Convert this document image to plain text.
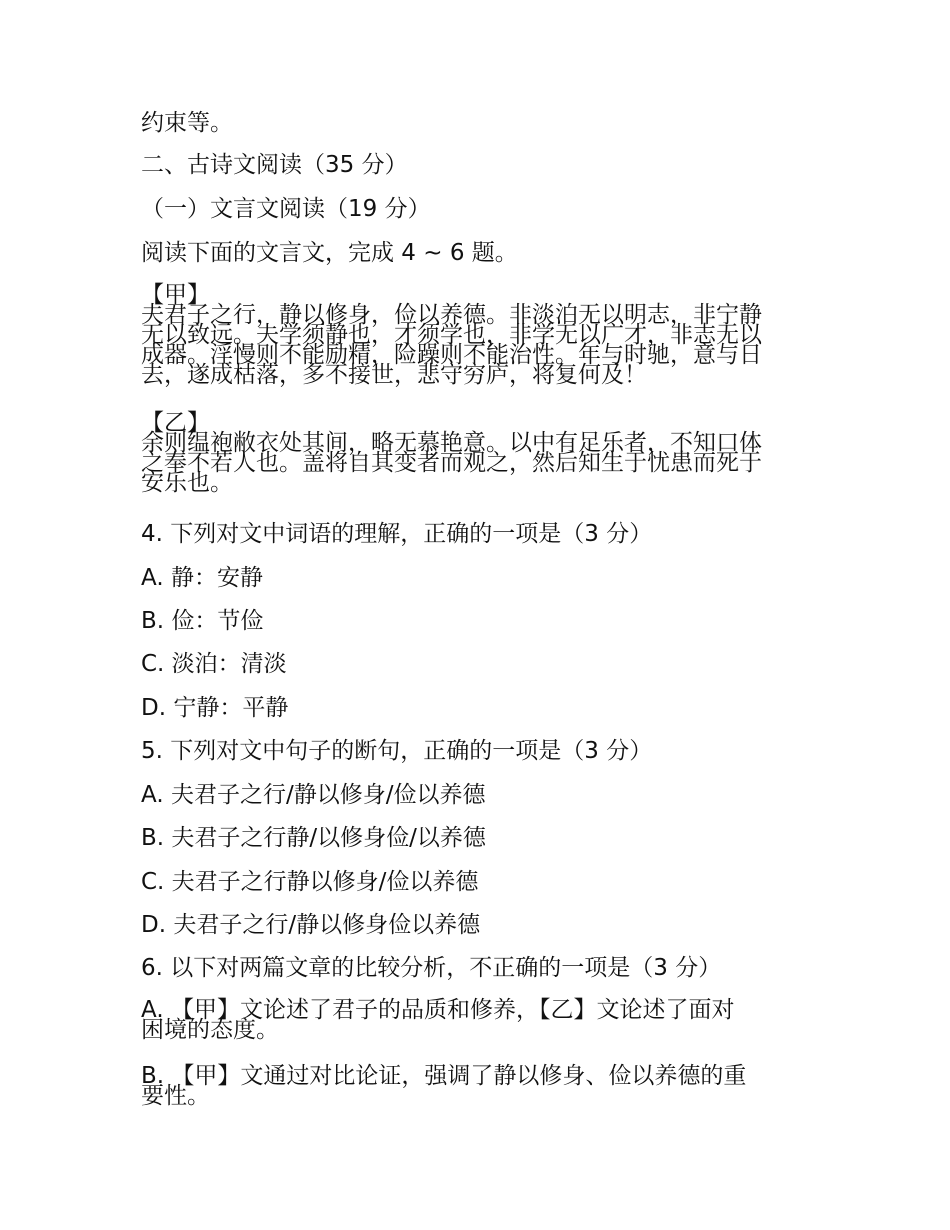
约束等。
二、古诗文阅读（35 分）
（一）文言文阅读（19 分）
阅读下面的文言文，完成 4 ~ 6 题。
【甲】
夫君子之行，静以修身，俭以养德。非淡泊无以明志，非宁静
无以致远。夫学须静也，才须学也，非学无以广才，非志无以
成器。淫慢则不能励精，险躁则不能治性。年与时驰，意与日
去，遂成枯落，多不接世，悲守穷庐，将复何及！
【乙】
余则缊袍敝衣处其间，略无慕艳意。以中有足乐者，不知口体
之奉不若人也。盖将自其变者而观之，然后知生于忧患而死于
安乐也。
4. 下列对文中词语的理解，正确的一项是（3 分）
A. 静：安静
B. 俭：节俭
C. 淡泊：清淡
D. 宁静：平静
5. 下列对文中句子的断句，正确的一项是（3 分）
A. 夫君子之行/静以修身/俭以养德
B. 夫君子之行静/以修身俭/以养德
C. 夫君子之行静以修身/俭以养德
D. 夫君子之行/静以修身俭以养德
6. 以下对两篇文章的比较分析，不正确的一项是（3 分）
A. 【甲】文论述了君子的品质和修养，【乙】文论述了面对
困境的态度。
B. 【甲】文通过对比论证，强调了静以修身、俭以养德的重
要性。
